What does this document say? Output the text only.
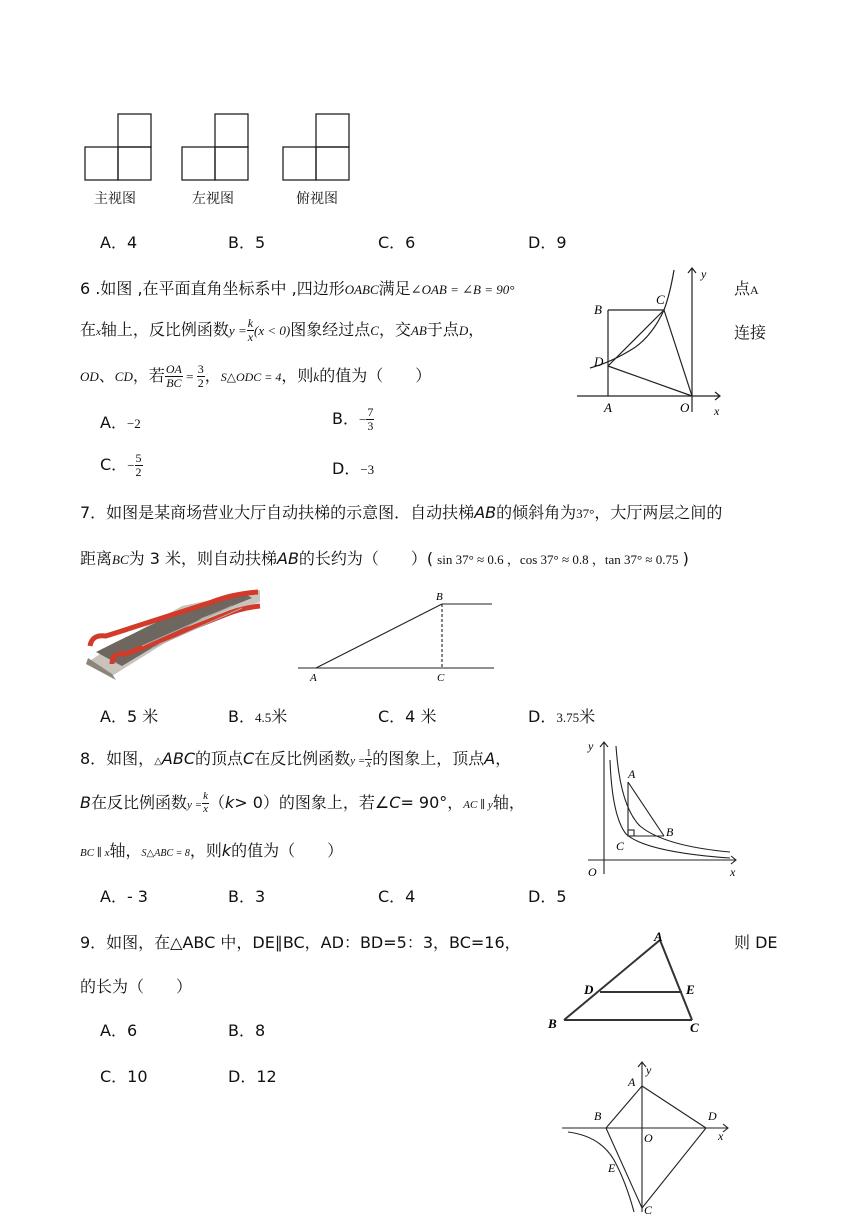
主视图	左视图	俯视图
A．4	B．5	C．6	D．9
6 .如图 ,在平面直角坐标系中 ,四边形OABC满足∠OAB = ∠B = 90°	点A
在x轴上，反比例函数$y = \frac{k}{x} (x < 0)$图象经过点C，交AB于点D，	连接
OD、CD，若 $\frac{OA}{BC} = \frac{3}{2}$ ，S△ODC = 4，则k的值为（　　）
A．−2	B．− $\frac{7}{3}$
C．− $\frac{5}{2}$	D．−3
B
C
D
A	O x
y
7．如图是某商场营业大厅自动扶梯的示意图．自动扶梯AB的倾斜角为37°，大厅两层之间的
距离BC为 3 米，则自动扶梯AB的长约为（　　）( sin 37° ≈ 0.6 ，cos 37° ≈ 0.8 ，tan 37° ≈ 0.75 )
B
A	C
A．5 米	B．4.5米	C．4 米	D．3.75米
8．如图，△ABC的顶点C在反比例函数$y = \frac{1}{x}$ 的图象上，顶点A，
B在反比例函数$y = \frac{k}{x} (k> 0)$的图象上，若∠C= 90°，AC ∥ y轴，
BC ∥ x轴，S△ABC = 8，则k的值为（　　）
A．- 3	B．3	C．4	D．5
y
A
B
C
O	x
9．如图，在△ABC 中，DE∥BC，AD：BD=5：3，BC=16，	则 DE
的长为（　　）
A．6	B．8
C．10	D．12
A
D	E
B	C
A
y
B	D
O	x
E
C
